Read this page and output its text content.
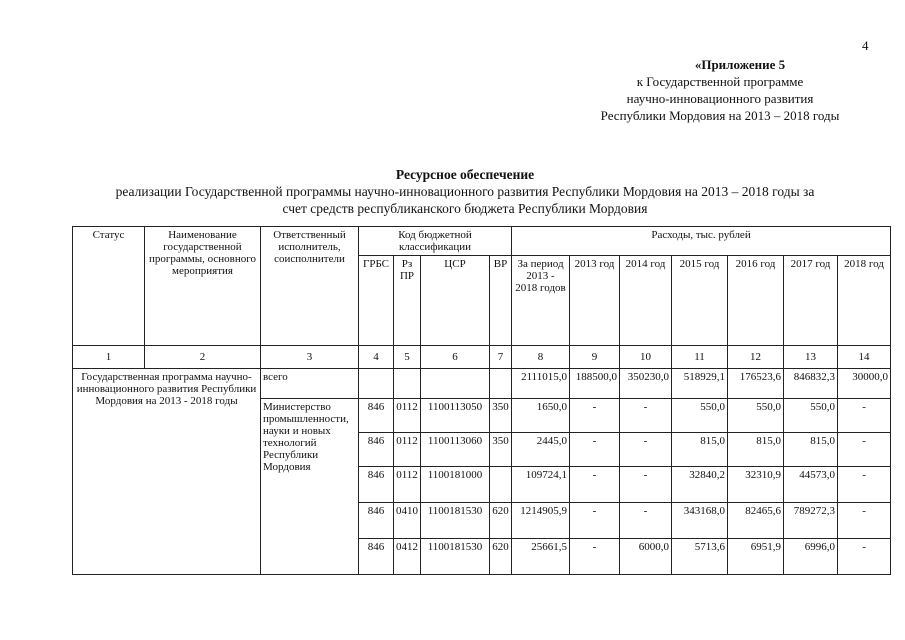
4
«Приложение 5
к Государственной программе
научно-инновационного развития
Республики Мордовия на 2013 – 2018 годы
Ресурсное обеспечение
реализации Государственной программы научно-инновационного развития Республики Мордовия на 2013 – 2018 годы за
счет средств республиканского бюджета Республики Мордовия
Статус	Наименование государственной программы, основного мероприятия	Ответственный исполнитель, соисполнители	Код бюджетной классификации				Расходы, тыс. рублей						
			ГРБС	Рз ПР	ЦСР	ВР	За период 2013 - 2018 годов	2013 год	2014 год	2015 год	2016 год	2017 год	2018 год
1	2	3	4	5	6	7	8	9	10	11	12	13	14
Государственная программа научно-инновационного развития Республики Мордовия на 2013 - 2018 годы		всего					2111015,0	188500,0	350230,0	518929,1	176523,6	846832,3	30000,0
		Министерство промышленности, науки и новых технологий Республики Мордовия	846	0112	1100113050	350	1650,0	-	-	550,0	550,0	550,0	-
			846	0112	1100113060	350	2445,0	-	-	815,0	815,0	815,0	-
			846	0112	1100181000		109724,1	-	-	32840,2	32310,9	44573,0	-
			846	0410	1100181530	620	1214905,9	-	-	343168,0	82465,6	789272,3	-
			846	0412	1100181530	620	25661,5	-	6000,0	5713,6	6951,9	6996,0	-
